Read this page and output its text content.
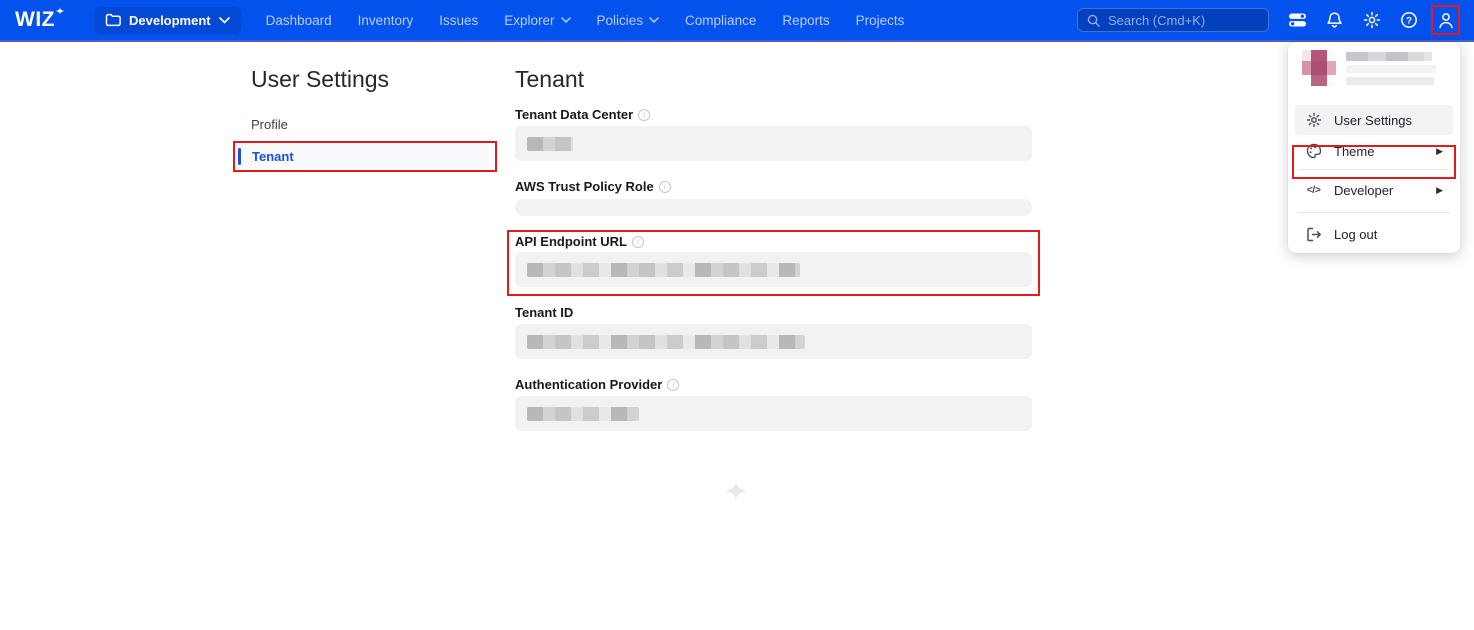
WIZ	Development	Dashboard Inventory Issues Explorer	Policies	Compliance Reports Projects
Search (Cmd+K)	?
User Settings
Theme	▶
</> Developer	▶
Log out
User Settings
Profile
Tenant
Tenant
Tenant Data Center	i
AWS Trust Policy Role	i
API Endpoint URL	i
Tenant ID
Authentication Provider	i
